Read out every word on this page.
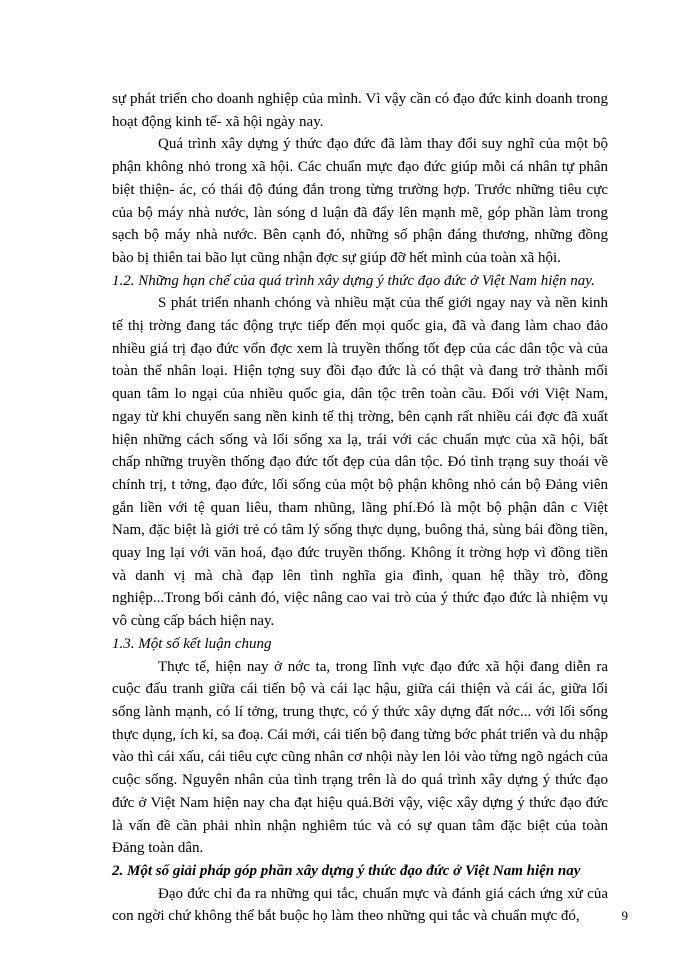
sự phát triển cho doanh nghiệp của mình. Vì vậy cần có đạo đức kinh doanh trong hoạt động kinh tế- xã hội ngày nay.

Quá trình xây dựng ý thức đạo đức đã làm thay đổi suy nghĩ của một bộ phận không nhỏ trong xã hội. Các chuẩn mực đạo đức giúp mỗi cá nhân tự phân biệt thiện- ác, có thái độ đúng đắn trong từng trường hợp. Trước những tiêu cực của bộ máy nhà nước, làn sóng d luận đã đẩy lên mạnh mẽ, góp phần làm trong sạch bộ máy nhà nước. Bên cạnh đó, những số phận đáng thương, những đồng bào bị thiên tai bão lụt cũng nhận đợc sự giúp đỡ hết mình của toàn xã hội.

1.2. Những hạn chế của quá trình xây dựng ý thức đạo đức ở Việt Nam hiện nay.

S phát triển nhanh chóng và nhiều mặt của thế giới ngay nay và nền kinh tế thị trờng đang tác động trực tiếp đến mọi quốc gia, đã và đang làm chao đảo nhiều giá trị đạo đức vốn đợc xem là truyền thống tốt đẹp của các dân tộc và của toàn thể nhân loại. Hiện tợng suy đồi đạo đức là có thật và đang trở thành mối quan tâm lo ngại của nhiều quốc gia, dân tộc trên toàn cầu. Đối với Việt Nam, ngay từ khi chuyển sang nền kinh tế thị trờng, bên cạnh rất nhiều cái đợc đã xuất hiện những cách sống và lối sống xa lạ, trái với các chuẩn mực của xã hội, bất chấp những truyền thống đạo đức tốt đẹp của dân tộc. Đó tình trạng suy thoái về chính trị, t tởng, đạo đức, lối sống của một bộ phận không nhỏ cán bộ Đảng viên gắn liền với tệ quan liêu, tham nhũng, lãng phí.Đó là một bộ phận dân c Việt Nam, đặc biệt là giới trẻ có tâm lý sống thực dụng, buông thả, sùng bái đồng tiền, quay lng lại với văn hoá, đạo đức truyền thống. Không ít trờng hợp vì đồng tiền và danh vị mà chà đạp lên tình nghĩa gia đình, quan hệ thầy trò, đồng nghiệp...Trong bối cảnh đó, việc nâng cao vai trò của ý thức đạo đức là nhiệm vụ vô cùng cấp bách hiện nay.

1.3. Một số kết luận chung

Thực tế, hiện nay ở nớc ta, trong lĩnh vực đạo đức xã hội đang diễn ra cuộc đấu tranh giữa cái tiến bộ và cái lạc hậu, giữa cái thiện và cái ác, giữa lối sống lành mạnh, có lí tởng, trung thực, có ý thức xây dựng đất nớc... với lối sống thực dụng, ích kỉ, sa đoạ. Cái mới, cái tiến bộ đang từng bớc phát triển và du nhập vào thì cái xấu, cái tiêu cực cũng nhân cơ nhội này len lỏi vào từng ngõ ngách của cuộc sống. Nguyên nhân của tình trạng trên là do quá trình xây dựng ý thức đạo đức ở Việt Nam hiện nay cha đạt hiệu quả.Bởi vậy, việc xây dựng ý thức đạo đức là vấn đề cần phải nhìn nhận nghiêm túc và có sự quan tâm đặc biệt của toàn Đảng toàn dân.

2. Một số giải pháp góp phần xây dựng ý thức đạo đức ở Việt Nam hiện nay

Đạo đức chỉ đa ra những qui tắc, chuẩn mực và đánh giá cách ứng xử của con ngời chứ không thể bắt buộc họ làm theo những qui tắc và chuẩn mực đó,	9
